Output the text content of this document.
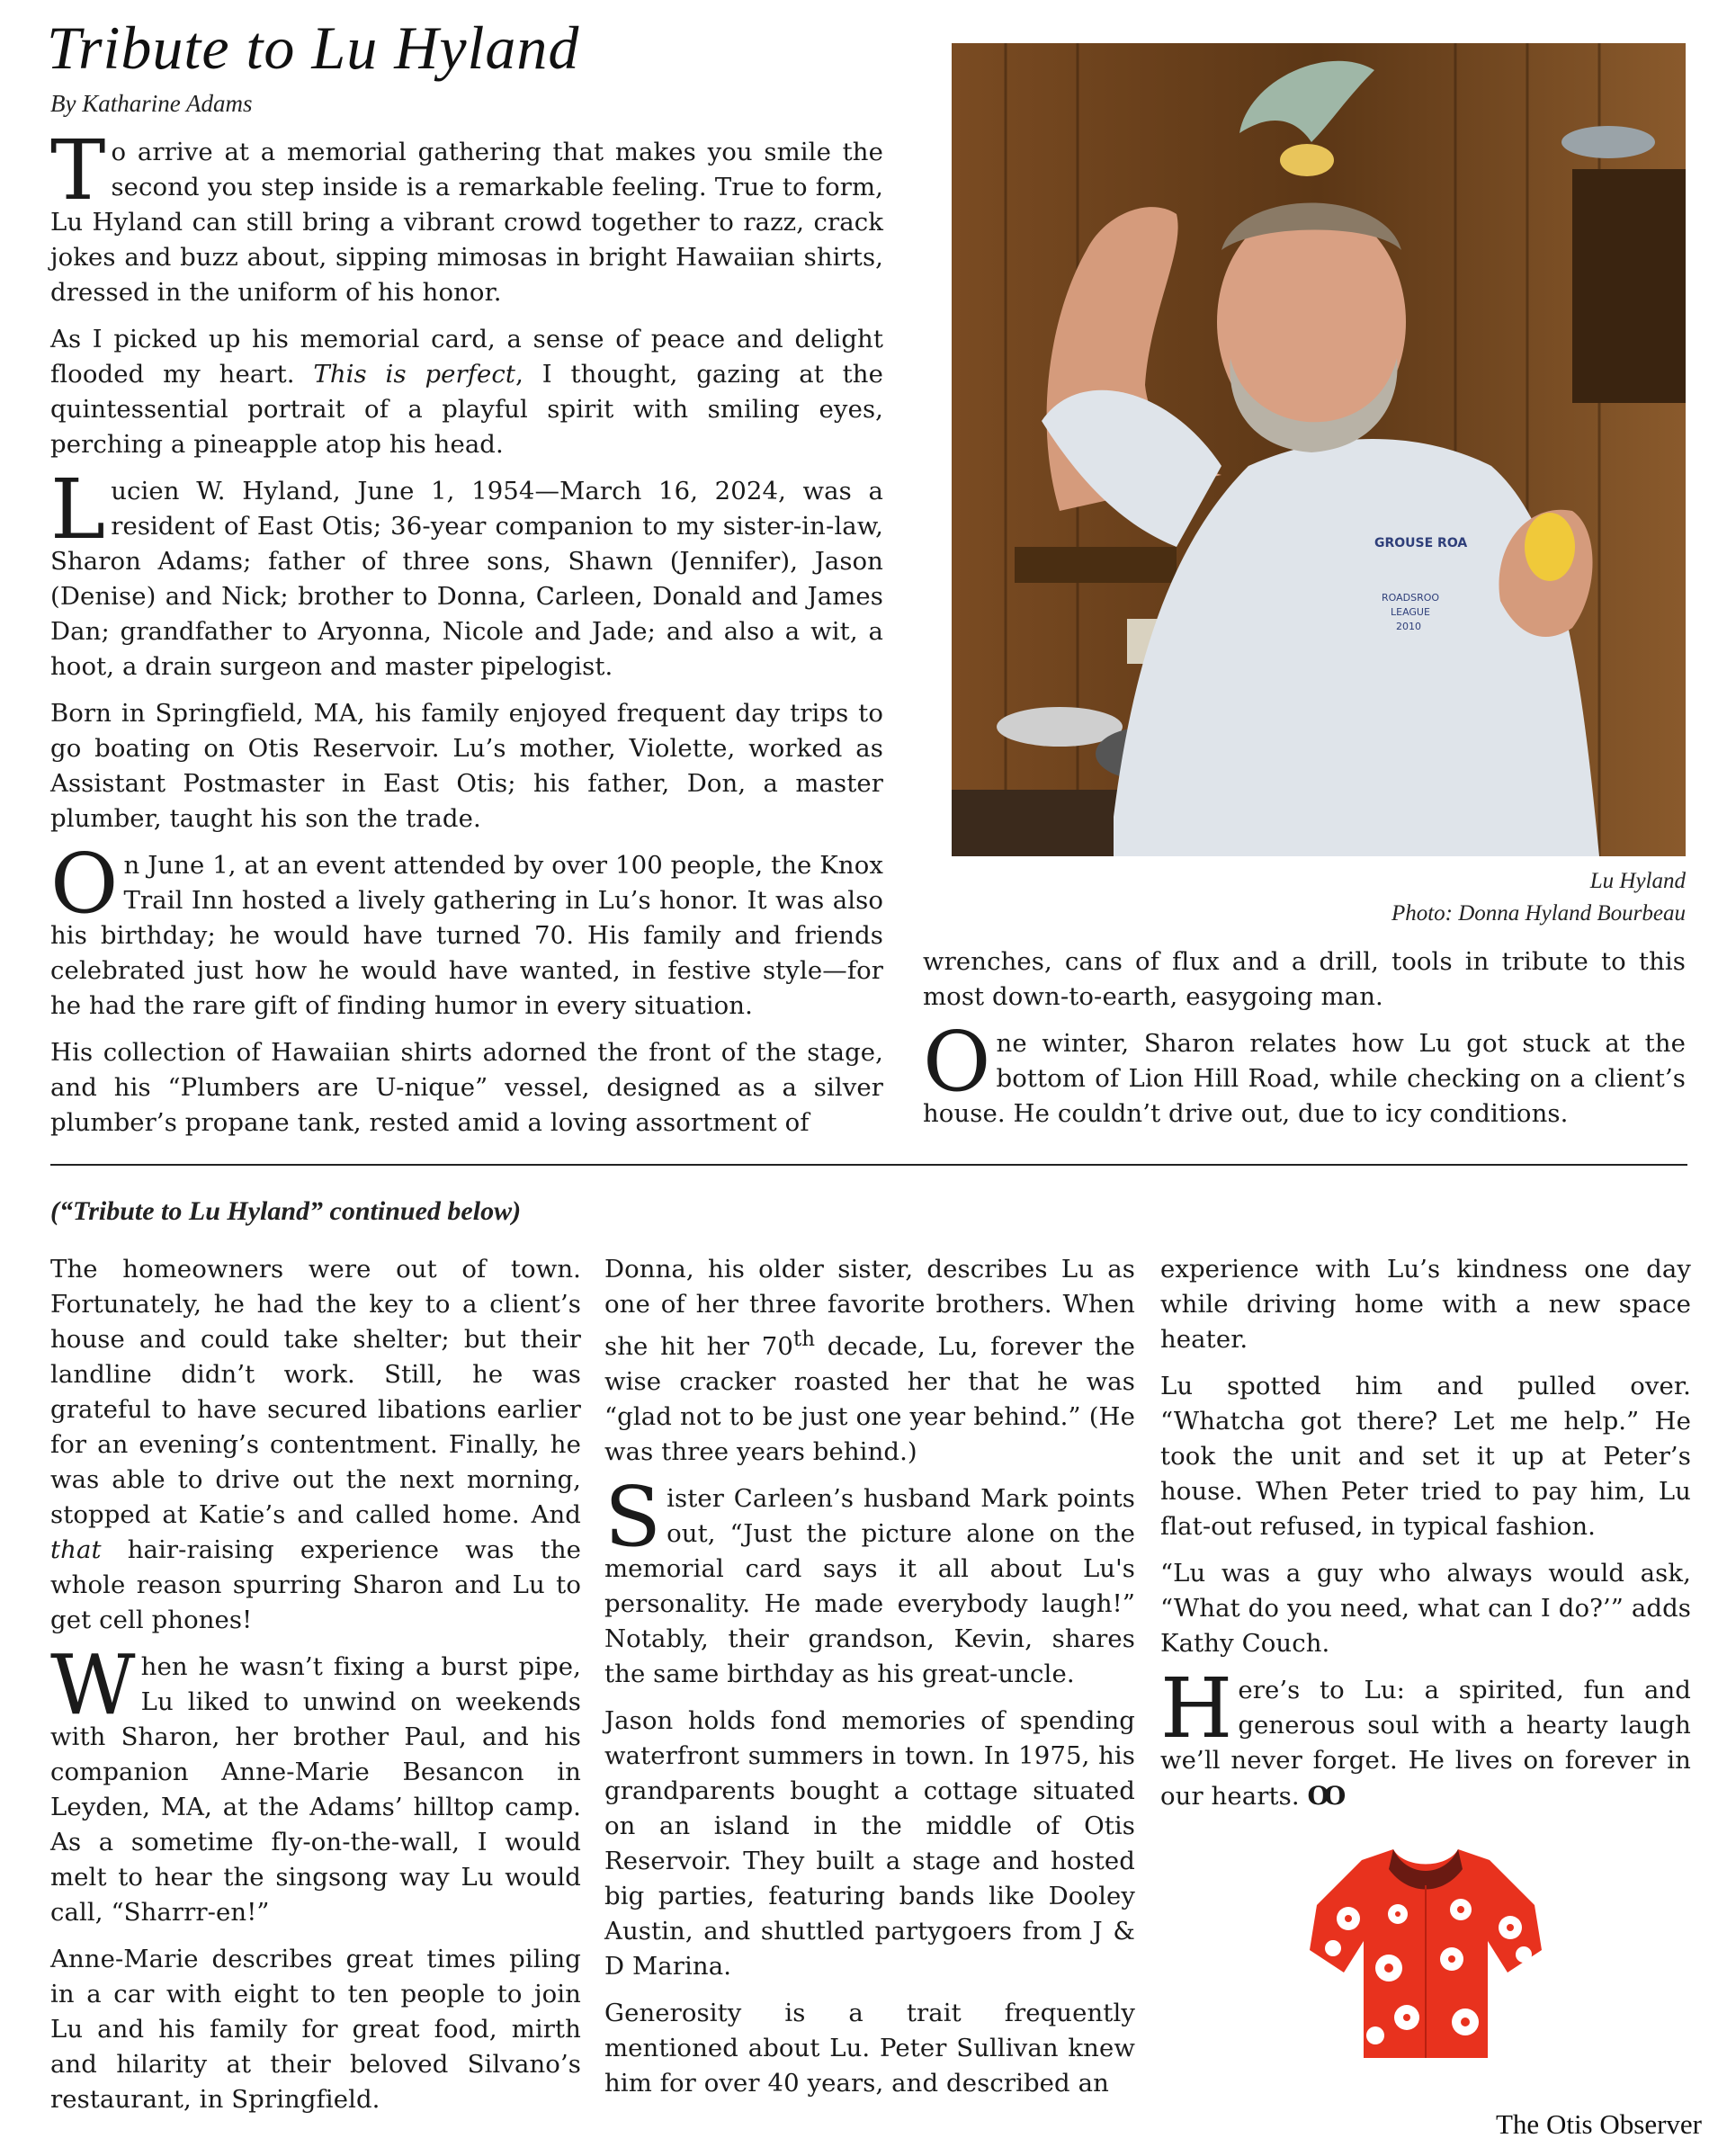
Tribute to Lu Hyland
By Katharine Adams

To arrive at a memorial gathering that makes you smile the second you step inside is a remarkable feeling. True to form, Lu Hyland can still bring a vibrant crowd together to razz, crack jokes and buzz about, sipping mimosas in bright Hawaiian shirts, dressed in the uniform of his honor.

As I picked up his memorial card, a sense of peace and delight flooded my heart. This is perfect, I thought, gazing at the quintessential portrait of a playful spirit with smiling eyes, perching a pineapple atop his head.

Lucien W. Hyland, June 1, 1954—March 16, 2024, was a resident of East Otis; 36-year companion to my sister-in-law, Sharon Adams; father of three sons, Shawn (Jennifer), Jason (Denise) and Nick; brother to Donna, Carleen, Donald and James Dan; grandfather to Aryonna, Nicole and Jade; and also a wit, a hoot, a drain surgeon and master pipelogist.

Born in Springfield, MA, his family enjoyed frequent day trips to go boating on Otis Reservoir. Lu’s mother, Violette, worked as Assistant Postmaster in East Otis; his father, Don, a master plumber, taught his son the trade.

On June 1, at an event attended by over 100 people, the Knox Trail Inn hosted a lively gathering in Lu’s honor. It was also his birthday; he would have turned 70. His family and friends celebrated just how he would have wanted, in festive style—for he had the rare gift of finding humor in every situation.

His collection of Hawaiian shirts adorned the front of the stage, and his “Plumbers are U-nique” vessel, designed as a silver plumber’s propane tank, rested amid a loving assortment of

GROUSE ROA
ROADSROO
LEAGUE
2010
Lu Hyland
Photo: Donna Hyland Bourbeau

wrenches, cans of flux and a drill, tools in tribute to this most down-to-earth, easygoing man.

One winter, Sharon relates how Lu got stuck at the bottom of Lion Hill Road, while checking on a client’s house. He couldn’t drive out, due to icy conditions.

(“Tribute to Lu Hyland” continued below)

The homeowners were out of town. Fortunately, he had the key to a client’s house and could take shelter; but their landline didn’t work. Still, he was grateful to have secured libations earlier for an evening’s contentment. Finally, he was able to drive out the next morning, stopped at Katie’s and called home. And that hair-raising experience was the whole reason spurring Sharon and Lu to get cell phones!

When he wasn’t fixing a burst pipe, Lu liked to unwind on weekends with Sharon, her brother Paul, and his companion Anne-Marie Besancon in Leyden, MA, at the Adams’ hilltop camp. As a sometime fly-on-the-wall, I would melt to hear the singsong way Lu would call, “Sharrr-en!”

Anne-Marie describes great times piling in a car with eight to ten people to join Lu and his family for great food, mirth and hilarity at their beloved Silvano’s restaurant, in Springfield.

Donna, his older sister, describes Lu as one of her three favorite brothers. When she hit her 70th decade, Lu, forever the wise cracker roasted her that he was “glad not to be just one year behind.” (He was three years behind.)

Sister Carleen’s husband Mark points out, “Just the picture alone on the memorial card says it all about Lu's personality. He made everybody laugh!” Notably, their grandson, Kevin, shares the same birthday as his great-uncle.

Jason holds fond memories of spending waterfront summers in town. In 1975, his grandparents bought a cottage situated on an island in the middle of Otis Reservoir. They built a stage and hosted big parties, featuring bands like Dooley Austin, and shuttled partygoers from J & D Marina.

Generosity is a trait frequently mentioned about Lu. Peter Sullivan knew him for over 40 years, and described an

experience with Lu’s kindness one day while driving home with a new space heater.

Lu spotted him and pulled over. “Whatcha got there? Let me help.” He took the unit and set it up at Peter’s house. When Peter tried to pay him, Lu flat-out refused, in typical fashion.

“Lu was a guy who always would ask, “What do you need, what can I do?’” adds Kathy Couch.

Here’s to Lu: a spirited, fun and generous soul with a hearty laugh we’ll never forget. He lives on forever in our hearts. OO

The Otis Observer
